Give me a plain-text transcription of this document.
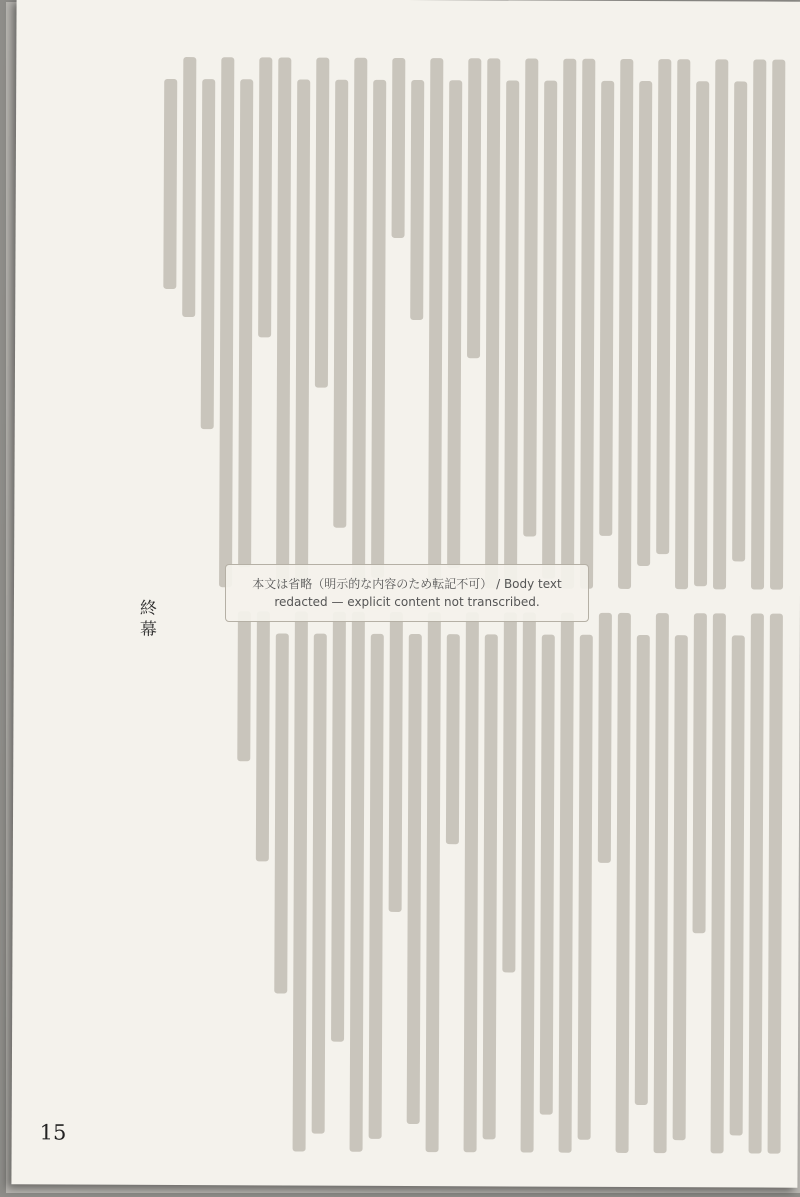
終幕
15
本文は省略（明示的な内容のため転記不可） / Body text redacted — explicit content not transcribed.
